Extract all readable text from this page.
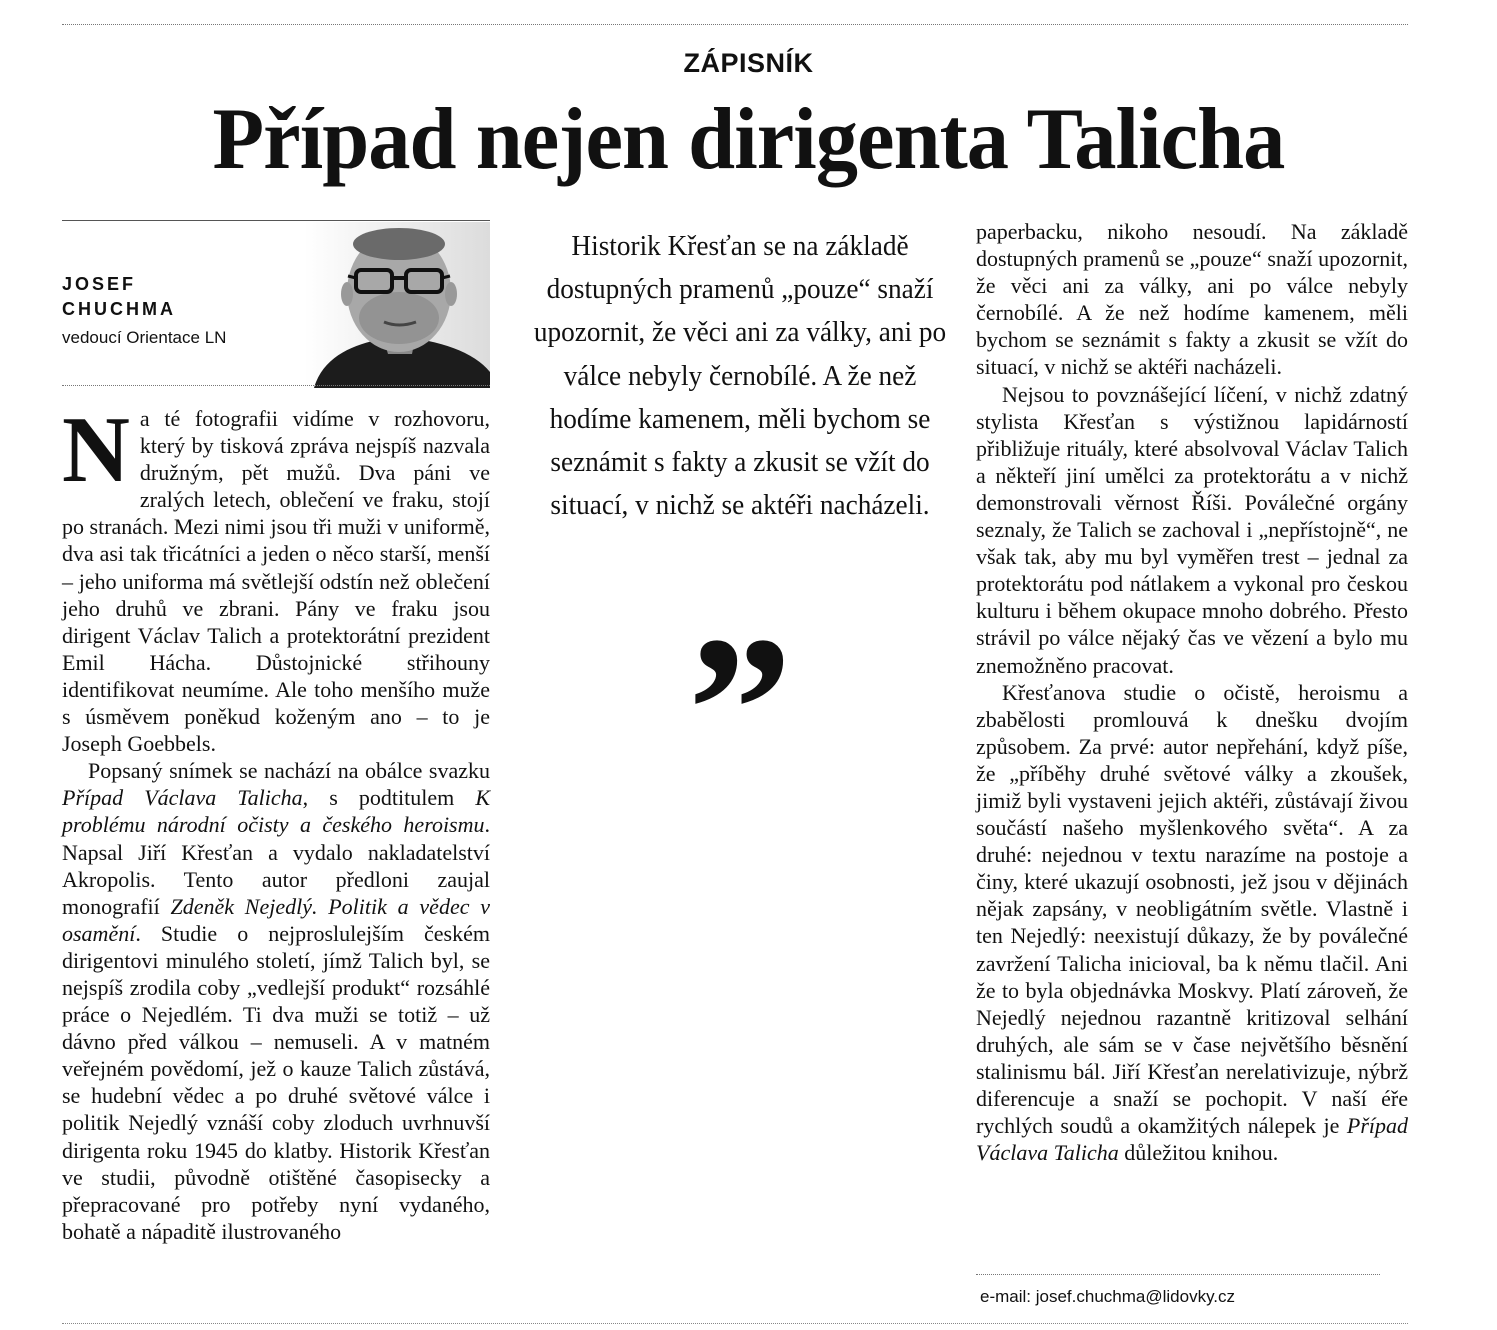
ZÁPISNÍK
Případ nejen dirigenta Talicha
JOSEF
CHUCHMA
vedoucí Orientace LN

Na té fotografii vidíme v rozhovoru, který by tisková zpráva nejspíš nazvala družným, pět mužů. Dva páni ve zralých letech, oblečení ve fraku, stojí po stranách. Mezi nimi jsou tři muži v uniformě, dva asi tak třicátníci a jeden o něco starší, menší – jeho uniforma má světlejší odstín než oblečení jeho druhů ve zbrani. Pány ve fraku jsou dirigent Václav Talich a protektorátní prezident Emil Hácha. Důstojnické střihouny identifikovat neumíme. Ale toho menšího muže s úsměvem poněkud koženým ano – to je Joseph Goebbels.

Popsaný snímek se nachází na obálce svazku Případ Václava Talicha, s podtitulem K problému národní očisty a českého heroismu. Napsal Jiří Křesťan a vydalo nakladatelství Akropolis. Tento autor předloni zaujal monografií Zdeněk Nejedlý. Politik a vědec v osamění. Studie o nejproslulejším českém dirigentovi minulého století, jímž Talich byl, se nejspíš zrodila coby „vedlejší produkt“ rozsáhlé práce o Nejedlém. Ti dva muži se totiž – už dávno před válkou – nemuseli. A v matném veřejném povědomí, jež o kauze Talich zůstává, se hudební vědec a po druhé světové válce i politik Nejedlý vznáší coby zloduch uvrhnuvší dirigenta roku 1945 do klatby. Historik Křesťan ve studii, původně otištěné časopisecky a přepracované pro potřeby nyní vydaného, bohatě a nápaditě ilustrovaného

Historik Křesťan se na základě dostupných pramenů „pouze“ snaží upozornit, že věci ani za války, ani po válce nebyly černobílé. A že než hodíme kamenem, měli bychom se seznámit s fakty a zkusit se vžít do situací, v nichž se aktéři nacházeli.
”

paperbacku, nikoho nesoudí. Na základě dostupných pramenů se „pouze“ snaží upozornit, že věci ani za války, ani po válce nebyly černobílé. A že než hodíme kamenem, měli bychom se seznámit s fakty a zkusit se vžít do situací, v nichž se aktéři nacházeli.

Nejsou to povznášející líčení, v nichž zdatný stylista Křesťan s výstižnou lapidárností přibližuje rituály, které absolvoval Václav Talich a někteří jiní umělci za protektorátu a v nichž demonstrovali věrnost Říši. Poválečné orgány seznaly, že Talich se zachoval i „nepřístojně“, ne však tak, aby mu byl vyměřen trest – jednal za protektorátu pod nátlakem a vykonal pro českou kulturu i během okupace mnoho dobrého. Přesto strávil po válce nějaký čas ve vězení a bylo mu znemožněno pracovat.

Křesťanova studie o očistě, heroismu a zbabělosti promlouvá k dnešku dvojím způsobem. Za prvé: autor nepřehání, když píše, že „příběhy druhé světové války a zkoušek, jimiž byli vystaveni jejich aktéři, zůstávají živou součástí našeho myšlenkového světa“. A za druhé: nejednou v textu narazíme na postoje a činy, které ukazují osobnosti, jež jsou v dějinách nějak zapsány, v neobligátním světle. Vlastně i ten Nejedlý: neexistují důkazy, že by poválečné zavržení Talicha inicioval, ba k němu tlačil. Ani že to byla objednávka Moskvy. Platí zároveň, že Nejedlý nejednou razantně kritizoval selhání druhých, ale sám se v čase největšího běsnění stalinismu bál. Jiří Křesťan nerelativizuje, nýbrž diferencuje a snaží se pochopit. V naší éře rychlých soudů a okamžitých nálepek je Případ Václava Talicha důležitou knihou.

e-mail: josef.chuchma@lidovky.cz
